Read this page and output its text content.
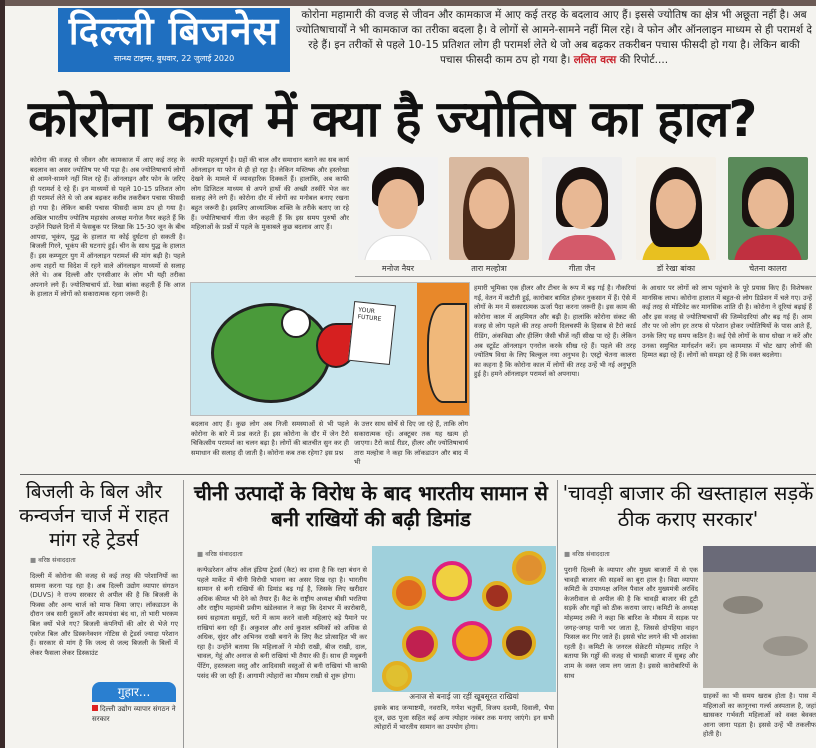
दिल्ली बिजनेस
सान्ध्य टाइम्स, बुधवार, 22 जुलाई 2020
कोरोना महामारी की वजह से जीवन और कामकाज में आए कई तरह के बदलाव आए हैं। इससे ज्योतिष का क्षेत्र भी अछूता नहीं है। अब ज्योतिषाचार्यों ने भी कामकाज का तरीका बदला है। वे लोगों से आमने-सामने नहीं मिल रहे। वे फोन और ऑनलाइन माध्यम से ही परामर्श दे रहे हैं। इन तरीकों से पहले 10-15 प्रतिशत लोग ही परामर्श लेते थे जो अब बढ़कर तकरीबन पचास फीसदी हो गया है। लेकिन बाकी पचास फीसदी काम ठप हो गया है। ललित वत्स की रिपोर्ट....
कोरोना काल में क्या है ज्योतिष का हाल?
कोरोना की वजह से जीवन और कामकाज में आए कई तरह के बदलाव का असर ज्योतिष पर भी पड़ा है। अब ज्योतिषाचार्य लोगों से आमने-सामने नहीं मिल रहे हैं। ऑनलाइन और फोन के जरिए ही परामर्श दे रहे हैं। इन माध्यमों से पहले 10-15 प्रतिशत लोग ही परामर्श लेते थे जो अब बढ़कर करीब तकरीबन पचास फीसदी हो गया है। लेकिन बाकी पचास फीसदी काम ठप हो गया है। अखिल भारतीय ज्योतिष महासंघ अध्यक्ष मनोज नैयर कहते हैं कि उन्होंने पिछले दिनों में फेसबुक पर लिखा कि 15-30 जून के बीच आपदा, भूकंप, युद्ध के हालात या कोई दुर्घटना हो सकती है। बिजली गिरने, भूकंप की घटनाएं हुईं। चीन के साथ युद्ध के हालात हैं। इस कम्प्यूटर युग में ऑनलाइन परामर्श की मांग बढ़ी है। पहले अन्य शहरों या विदेश में रहने वाले ऑनलाइन माध्यमों से सलाह लेते थे। अब दिल्ली और एनसीआर के लोग भी यही तरीका अपनाने लगे हैं। ज्योतिषाचार्य डॉ. रेखा बांका कहती हैं कि आज के हालात में लोगों को सकारात्मक रहना जरूरी है।
काफी महत्वपूर्ण है। ग्रहों की चाल और समाधान बताने का सब कार्य ऑनलाइन या फोन से ही हो रहा है। लेकिन मस्तिष्क और हस्तरेखा देखने के मामले में व्यावहारिक दिक्कतें हैं। हालांकि, अब काफी लोग डिजिटल माध्यम से अपने हाथों की अच्छी तस्वीरें भेज कर सलाह लेने लगे हैं। कोरोना दौर में लोगों का मनोबल बनाए रखना बहुत जरूरी है। इसलिए आध्यात्मिक शक्ति के तरीके बताए जा रहे हैं। ज्योतिषाचार्य गीता जैन कहती हैं कि इस समय पुरुषों और महिलाओं के प्रश्नों में पहले के मुकाबले कुछ बदलाव आए हैं।
बदलाव आए हैं। कुछ लोग अब निजी समस्याओं से भी पहले कोरोना के बारे में प्रश्न करते हैं। इस कोरोना के दौर में जेन टैरो चिकित्सीय परामर्श का चलन बढ़ा है। लोगों की बातचीत सुन कर ही समाधान की सलाह दी जाती है। कोरोना कब तक रहेगा? इस प्रश्न
के उत्तर साथ सोचें से दिए जा रहे हैं, ताकि लोग सकारात्मक रहें। अक्टूबर तक यह खत्म हो जाएगा। टैरो कार्ड रीडर, हीलर और ज्योतिषाचार्य तारा मल्होत्रा ने कहा कि लॉकडाउन और बाद में भी
मनोज नैयर	तारा मल्होत्रा	गीता जैन	डॉ रेखा बांका	चेतना कालरा
YOUR FUTURE
हमारी भूमिका एक हीलर और टीचर के रूप में बढ़ गई है। नौकरियां गईं, वेतन में कटौती हुई, कारोबार बाधित होकर नुकसान में हैं। ऐसे में लोगों के मन में सकारात्मक ऊर्जा पैदा करना जरूरी है। इस काम की कोरोना काल में अहमियत और बढ़ी है। हालांकि कोरोना संकट की वजह से लोग पहले की तरह अपनी दिलचस्पी के हिसाब से टैरो कार्ड रीडिंग, अंकविद्या और हीलिंग जैसी चीजें नहीं सीख पा रहे हैं। लेकिन अब स्टूडेंट ऑनलाइन एनरोल करके सीख रहे हैं। पहले की तरह ज्योतिष विधा के लिए बिल्कुल नया अनुभव है। एस्ट्रो चेतना कालरा का कहना है कि कोरोना काल में लोगों की तरह उन्हें भी नई अनुभूति हुई है। हमने ऑनलाइन परामर्श को अपनाया।
के आधार पर लोगों को लाभ पहुंचाने के पूरे प्रयास किए हैं। विशेषकर मानसिक लाभ। कोरोना हालात में बहुत-से लोग डिप्रेशन में चले गए। उन्हें कई तरह से मोटिवेट कर मानसिक शांति दी है। कोरोना ने दूरियां बढ़ाई हैं और इस वजह से ज्योतिषाचार्यों की जिम्मेदारियां और बढ़ गई हैं। आम तौर पर जो लोग हर तरफ से परेशान होकर ज्योतिषियों के पास आते हैं, उनके लिए यह समय कठिन है। कई ऐसे लोगों के साथ धोखा न करें और उनका समुचित मार्गदर्शन करें। हम काममाफ़ में चोट खाए लोगों की हिम्मत बढ़ा रहे हैं। लोगों को समझा रहे हैं कि वक्त बदलेगा।
बिजली के बिल और कन्वर्जन चार्ज में राहत मांग रहे ट्रेडर्स
■ वरिष्ठ संवाददाता
दिल्ली में कोरोना की वजह से कई तरह की परेशानियों का सामना करना पड़ रहा है। अब दिल्ली उद्योग व्यापार संगठन (DUVS) ने राज्य सरकार से अपील की है कि बिजली के फिक्स और अन्य चार्ज को माफ किया जाए। लॉकडाउन के दौरान जब सारी दुकानें और कामधंधा बंद था, तो भारी भरकम बिल क्यों भेजे गए? बिजली कंपनियों की ओर से भेजे गए एवरेज बिल और डिस्कनेक्शन नोटिस से ट्रेडर्स ज्यादा परेशान हैं। सरकार से मांग है कि जल्द से जल्द बिजली के बिलों में लेकर फैसला लेकर डिस्काउंट
गुहार...
दिल्ली उद्योग व्यापार संगठन ने सरकार
चीनी उत्पादों के विरोध के बाद भारतीय सामान से बनी राखियों की बढ़ी डिमांड
■ वरिष्ठ संवाददाता
कन्फेडरेशन ऑफ ऑल इंडिया ट्रेडर्स (कैट) का दावा है कि रक्षा बंधन से पहले मार्केट में चीनी विरोधी भावना का असर दिख रहा है। भारतीय सामान से बनी राखियों की डिमांड बढ़ गई है, जिसके लिए खरीदार अधिक कीमत भी देने को तैयार हैं। कैट के राष्ट्रीय अध्यक्ष बीसी भरतिया और राष्ट्रीय महामंत्री प्रवीण खंडेलवाल ने कहा कि देशभर में कारोबारी, स्वयं सहायता समूहों, घरों में काम करने वाली महिलाएं बड़े पैमाने पर राखियां बना रही हैं। अकुशल और अर्ध कुशल श्रमिकों को अधिक से अधिक, सुंदर और अभिनव राखी बनाने के लिए कैट प्रोत्साहित भी कर रहा है। उन्होंने बताया कि महिलाओं ने मोदी राखी, बीज राखी, दाल, चावल, गेहूं और अनाज से बनी राखियां भी तैयार की हैं। साथ ही मधुबनी पेंटिंग, हस्तकला वस्तु और आदिवासी वस्तुओं से बनी राखियां भी काफी पसंद की जा रही हैं। आगामी त्योहारों का मौसम राखी से शुरू होगा।
अनाज से बनाई जा रहीं खूबसूरत राखियां
इसके बाद जन्माष्टमी, नवरात्रि, गणेश चतुर्थी, विजय दशमी, दिवाली, भैया दूज, छठ पूजा सहित कई अन्य त्योहार नवंबर तक मनाए जाएंगे। इन सभी त्योहारों में भारतीय सामान का उपयोग होगा।
'चावड़ी बाजार की खस्ताहाल सड़कें ठीक कराए सरकार'
■ वरिष्ठ संवाददाता
पुरानी दिल्ली के व्यापार और मुख्य बाजारों में से एक चावड़ी बाजार की सड़कों का बुरा हाल है। विद्या व्यापार कमिटी के उपाध्यक्ष अनिल पैवाल और मुख्यमंत्री अरविंद केजरीवाल से अपील की है कि चावड़ी बाजार की टूटी सड़कें और गड्ढों को ठीक कराया जाए। कमिटी के अध्यक्ष मोहम्मद तकी ने कहा कि बारिश के मौसम में सड़क पर जगह-जगह पानी भर जाता है, जिससे दोपहिया वाहन फिसल कर गिर जाते हैं। इससे चोट लगने की भी आशंका रहती है। कमिटी के जनरल सेक्रेटरी मोहम्मद ताहिर ने बताया कि गड्ढों की वजह से चावड़ी बाजार में सुबह और शाम के वक्त जाम लग जाता है। इससे कारोबारियों के साथ
ग्राहकों का भी समय खराब होता है। पास में महिलाओं का कानूनचा गर्ल्स अस्पताल है, जहां खासकर गर्भवती महिलाओं को वक्त बेवक्त आना जाना पड़ता है। इससे उन्हें भी तकलीफ होती है।
